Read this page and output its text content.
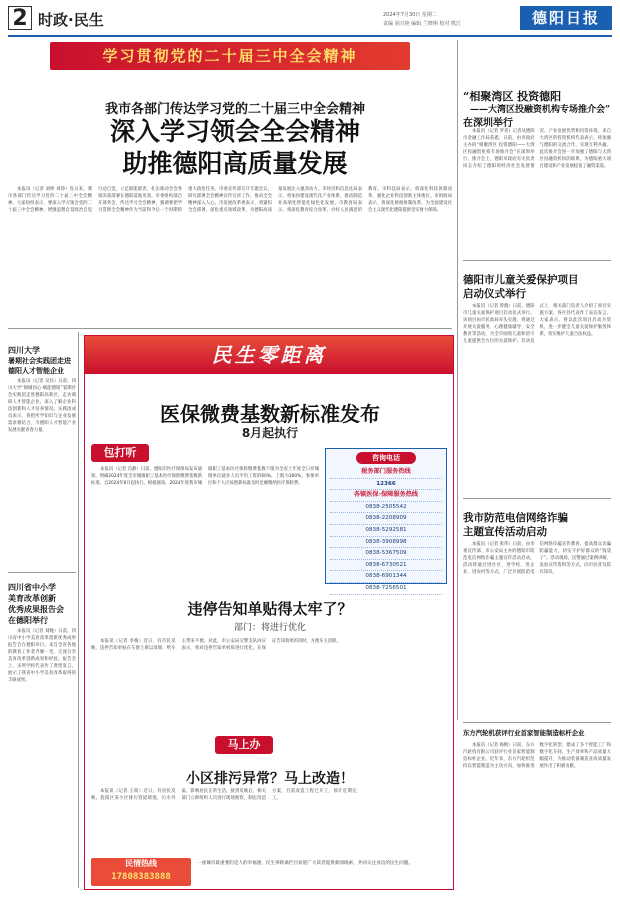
2 时政·民生	2024年7月30日 星期二
责编 胡兴艳 编辑 兰晓翔 校对 熊江	德阳日报
学习贯彻党的二十届三中全会精神
我市各部门传达学习党的二十届三中全会精神
深入学习领会全会精神
助推德阳高质量发展
本报讯（记者 刘婷 刘铮）连日来，我市各部门传达学习党的二十届三中全会精神。大家纷纷表示，要深入学习领会党的二十届三中全会精神，增强思想自觉政治自觉行动自觉，立足职能职责，扎实推动全会各项决策部署在德阳落地见效。市委组织部召开部务会，传达学习全会精神，强调要把学习贯彻全会精神作为当前和今后一个时期的重大政治任务。市委宣传部召开专题会议，研究部署全会精神宣传宣讲工作，推动全会精神深入人心。市发展改革委表示，将紧扣全会部署，深化重点领域改革，为德阳高质量发展注入强劲动力。市经济和信息化局表示，将加快建设现代化产业体系，推动制造业高端化智能化绿色化发展。市教育局表示，将深化教育综合改革，办好人民满意的教育。市科技局表示，将深化科技体制改革，强化企业科技创新主体地位。市财政局表示，将深化财税体制改革，为全面建设社会主义现代化德阳提供坚实财力保障。
“相聚湾区 投资德阳
——大湾区投融资机构专场推介会”
在深圳举行
本报讯（记者 罗喜）记者从德阳市金融工作局获悉，日前，由市政府主办的“相聚湾区 投资德阳——大湾区投融资机构专场推介会”在深圳举行。推介会上，德阳市政府有关负责同志介绍了德阳的经济社会发展情况、产业发展优势和投资环境。来自大湾区的投资机构代表表示，将加强与德阳的交流合作，实现互利共赢。此次推介会进一步加强了德阳与大湾区投融资机构的联系，为德阳重大项目建设和产业发展拓宽了融资渠道。
德阳市儿童关爱保护项目
启动仪式举行
本报讯（记者 曾晓）日前，德阳市儿童关爱保护项目启动仪式举行。该项目由市民政局牵头实施，将通过开展关爱服务、心理健康辅导、安全教育等活动，为全市困境儿童和留守儿童提供全方位的关爱保护。启动仪式上，相关部门负责人介绍了项目实施方案，各区县代表作了表态发言。大家表示，将以此次项目启动为契机，进一步健全儿童关爱保护服务体系，切实维护儿童合法权益。
四川大学
暑期社会实践团走进
德阳人才智能企业
本报讯（记者 吴钰）日前，四川大学“锦城同心·赋能德阳”暑期社会实践团走进德阳高新区，走访调研人才智能企业，深入了解企业科技创新和人才培养情况。实践团成员表示，将把所学知识与企业发展需求相结合，为德阳人才智能产业发展贡献青春力量。
四川省中小学
美育改革创新
优秀成果报告会
在德阳举行
本报讯（记者 刘晚）日前，四川省中小学美育改革创新优秀成果报告会在德阳举行。来自全省各地的教育工作者齐聚一堂，交流分享美育改革创新成果和经验。报告会上，多所学校代表作了典型发言，展示了我省中小学美育改革取得的丰硕成果。
民生零距离
医保微费基数新标准发布
8月起执行
包打听
本报讯（记者 肖静）日前，德阳市医疗保障局发布通知，明确2024年度全市城镇职工基本医疗保险缴费基数新标准，自2024年8月起执行。根据通知，2024年度我市城镇职工基本医疗保险缴费基数下限为全省上年度全口径城镇单位就业人员平均工资的60%，上限为300%。参保单位和个人应按照新标准及时足额缴纳医疗保险费。
咨询电话
税务部门服务热线
12366
各镇医保·保障服务热线
0838-2505542
0838-2208909
0838-5292581
0838-3908998
0838-5367509
0838-6730521
0838-6901344
0838-7256501
违停告知单贴得太牢了？
部门：将进行优化
本报讯（记者 李梅）近日，有市民反映，违停告知单贴在车窗上难以清除，给车主带来不便。对此，市公安局交警支队回应表示，将对违停告知单材质进行优化，在保证告知效果的同时，方便车主清除。
马上办
小区排污异常？马上改造！
本报讯（记者 王萌）近日，有居民反映，旌阳区某小区排污管道堵塞，污水外溢，影响居民正常生活。接到反映后，相关部门立即组织人员进行现场勘察，制定改造方案，目前改造工程已开工，预计近期完工。
民情热线
17808383888
一座城市最重要的是人的幸福感，民生零距离栏目欢迎广大读者提供新闻线索，共同关注身边的民生问题。
我市防范电信网络诈骗
主题宣传活动启动
本报讯（记者 张伟）日前，由市委宣传部、市公安局主办的德阳市防范电信网络诈骗主题宣传活动启动。活动将通过进社区、进学校、进企业、进农村等方式，广泛开展防范电信网络诈骗宣传教育，提高群众识骗防骗能力，切实守护好群众的“钱袋子”。活动现场，民警通过案例讲解、发放宣传资料等方式，向市民普及防诈知识。
东方汽轮机获评行业首家智能制造标杆企业
本报讯（记者 杨帆）日前，东方汽轮机有限公司获评行业首家智能制造标杆企业。近年来，东方汽轮机坚持以智能制造为主攻方向，加快推进数字化转型，建成了多个智能工厂和数字化车间，生产效率和产品质量大幅提升，为推动装备制造业高质量发展作出了积极贡献。
